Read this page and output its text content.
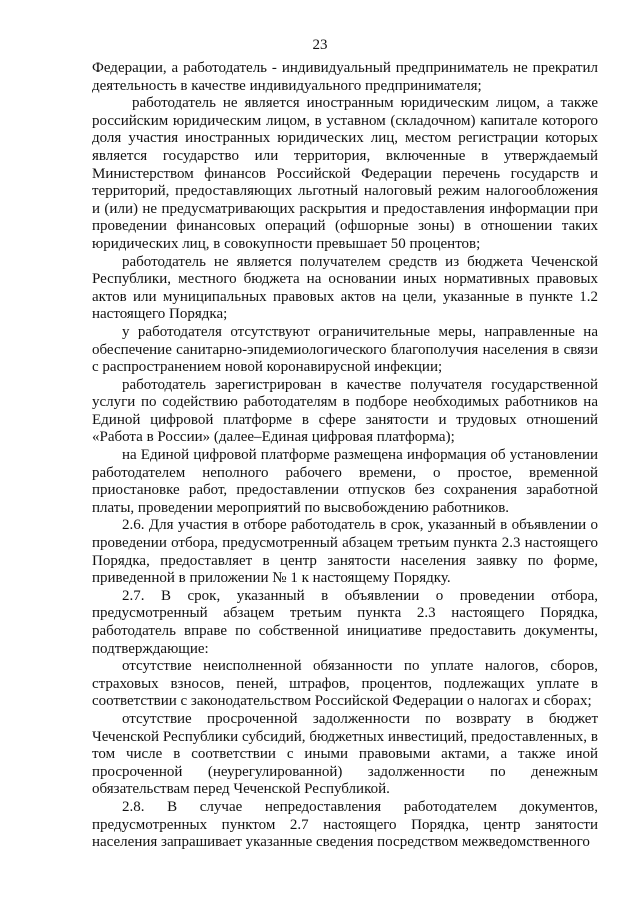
23

Федерации, а работодатель - индивидуальный предприниматель не прекратил деятельность в качестве индивидуального предпринимателя;

работодатель не является иностранным юридическим лицом, а также российским юридическим лицом, в уставном (складочном) капитале которого доля участия иностранных юридических лиц, местом регистрации которых является государство или территория, включенные в утверждаемый Министерством финансов Российской Федерации перечень государств и территорий, предоставляющих льготный налоговый режим налогообложения и (или) не предусматривающих раскрытия и предоставления информации при проведении финансовых операций (офшорные зоны) в отношении таких юридических лиц, в совокупности превышает 50 процентов;

работодатель не является получателем средств из бюджета Чеченской Республики, местного бюджета на основании иных нормативных правовых актов или муниципальных правовых актов на цели, указанные в пункте 1.2 настоящего Порядка;

у работодателя отсутствуют ограничительные меры, направленные на обеспечение санитарно-эпидемиологического благополучия населения в связи с распространением новой коронавирусной инфекции;

работодатель зарегистрирован в качестве получателя государственной услуги по содействию работодателям в подборе необходимых работников на Единой цифровой платформе в сфере занятости и трудовых отношений «Работа в России» (далее–Единая цифровая платформа);

на Единой цифровой платформе размещена информация об установлении работодателем неполного рабочего времени, о простое, временной приостановке работ, предоставлении отпусков без сохранения заработной платы, проведении мероприятий по высвобождению работников.

2.6. Для участия в отборе работодатель в срок, указанный в объявлении о проведении отбора, предусмотренный абзацем третьим пункта 2.3 настоящего Порядка, предоставляет в центр занятости населения заявку по форме, приведенной в приложении № 1 к настоящему Порядку.

2.7. В срок, указанный в объявлении о проведении отбора, предусмотренный абзацем третьим пункта 2.3 настоящего Порядка, работодатель вправе по собственной инициативе предоставить документы, подтверждающие:

отсутствие неисполненной обязанности по уплате налогов, сборов, страховых взносов, пеней, штрафов, процентов, подлежащих уплате в соответствии с законодательством Российской Федерации о налогах и сборах;

отсутствие просроченной задолженности по возврату в бюджет Чеченской Республики субсидий, бюджетных инвестиций, предоставленных, в том числе в соответствии с иными правовыми актами, а также иной просроченной (неурегулированной) задолженности по денежным обязательствам перед Чеченской Республикой.

2.8. В случае непредоставления работодателем документов, предусмотренных пунктом 2.7 настоящего Порядка, центр занятости населения запрашивает указанные сведения посредством межведомственного
